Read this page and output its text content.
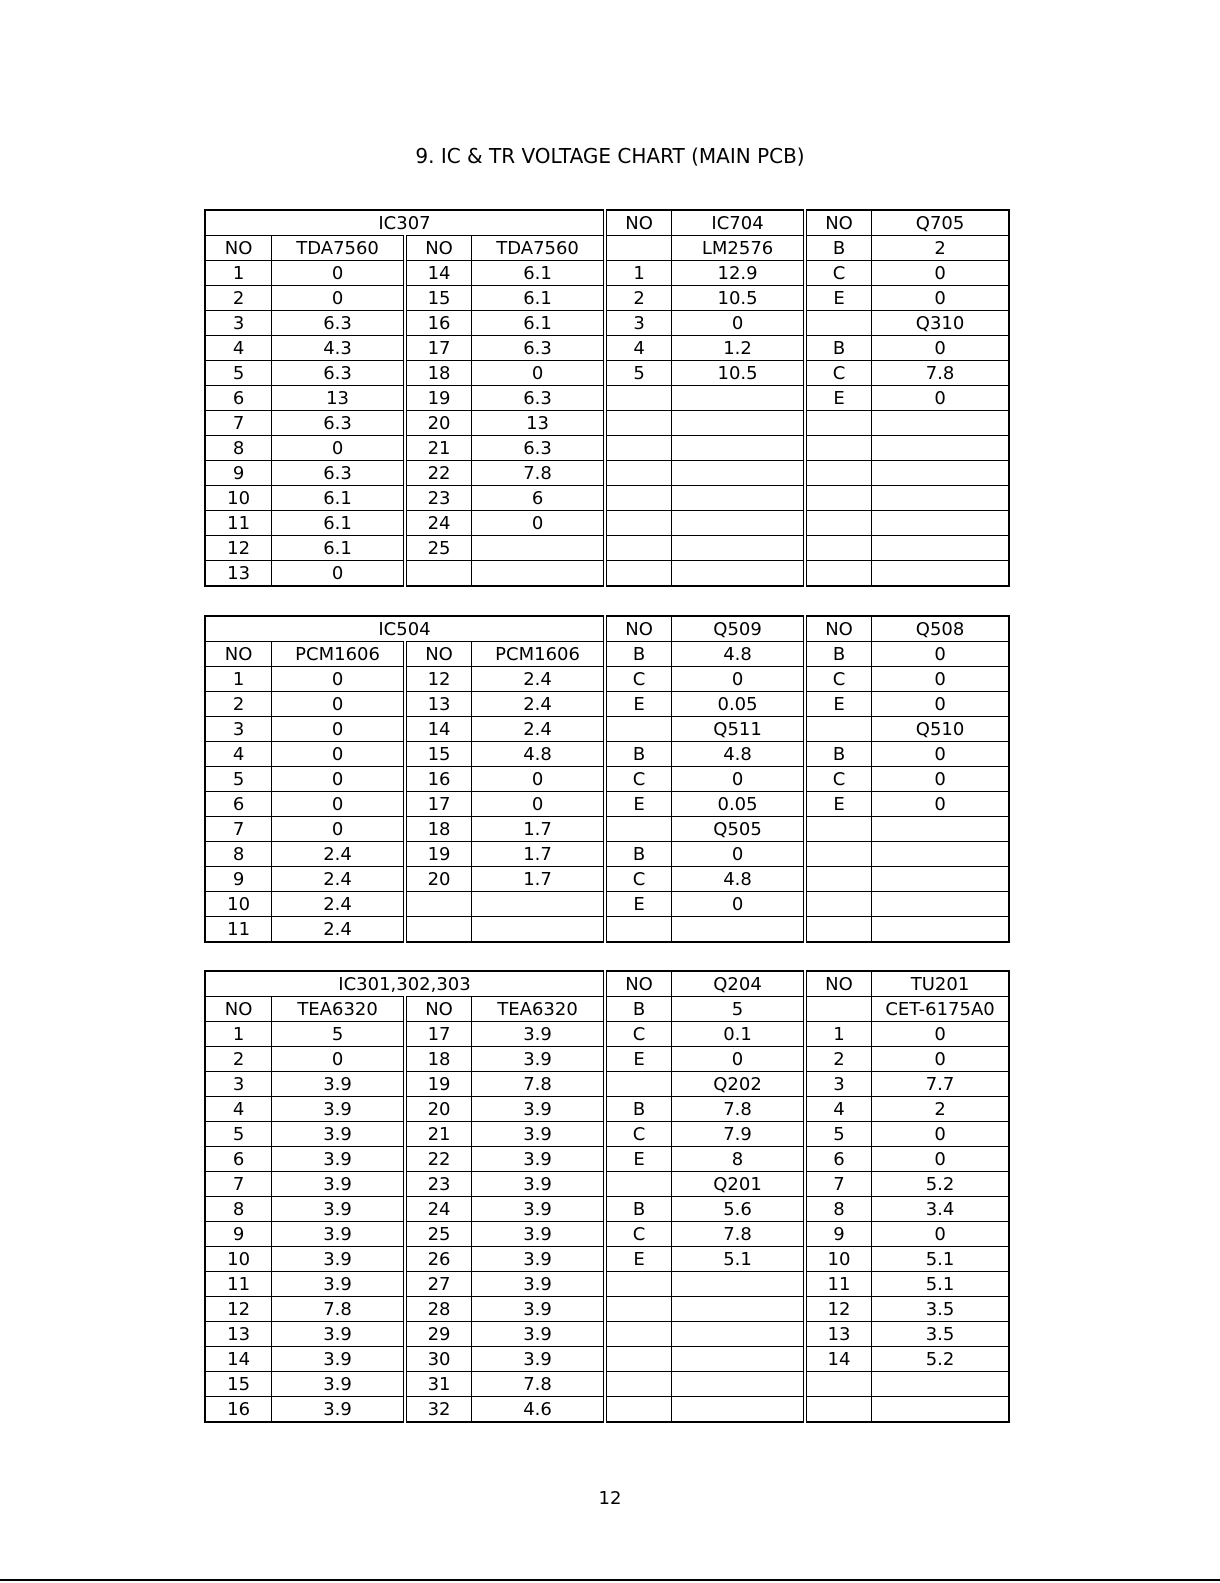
9. IC & TR VOLTAGE CHART (MAIN PCB)
IC307				NO	IC704	NO	Q705
NO	TDA7560	NO	TDA7560		LM2576	B	2
1	0	14	6.1	1	12.9	C	0
2	0	15	6.1	2	10.5	E	0
3	6.3	16	6.1	3	0		Q310
4	4.3	17	6.3	4	1.2	B	0
5	6.3	18	0	5	10.5	C	7.8
6	13	19	6.3			E	0
7	6.3	20	13				
8	0	21	6.3				
9	6.3	22	7.8				
10	6.1	23	6				
11	6.1	24	0				
12	6.1	25					
13	0						
IC504				NO	Q509	NO	Q508
NO	PCM1606	NO	PCM1606	B	4.8	B	0
1	0	12	2.4	C	0	C	0
2	0	13	2.4	E	0.05	E	0
3	0	14	2.4		Q511		Q510
4	0	15	4.8	B	4.8	B	0
5	0	16	0	C	0	C	0
6	0	17	0	E	0.05	E	0
7	0	18	1.7		Q505		
8	2.4	19	1.7	B	0		
9	2.4	20	1.7	C	4.8		
10	2.4			E	0		
11	2.4						
IC301,302,303				NO	Q204	NO	TU201
NO	TEA6320	NO	TEA6320	B	5		CET-6175A0
1	5	17	3.9	C	0.1	1	0
2	0	18	3.9	E	0	2	0
3	3.9	19	7.8		Q202	3	7.7
4	3.9	20	3.9	B	7.8	4	2
5	3.9	21	3.9	C	7.9	5	0
6	3.9	22	3.9	E	8	6	0
7	3.9	23	3.9		Q201	7	5.2
8	3.9	24	3.9	B	5.6	8	3.4
9	3.9	25	3.9	C	7.8	9	0
10	3.9	26	3.9	E	5.1	10	5.1
11	3.9	27	3.9			11	5.1
12	7.8	28	3.9			12	3.5
13	3.9	29	3.9			13	3.5
14	3.9	30	3.9			14	5.2
15	3.9	31	7.8				
16	3.9	32	4.6				
12
